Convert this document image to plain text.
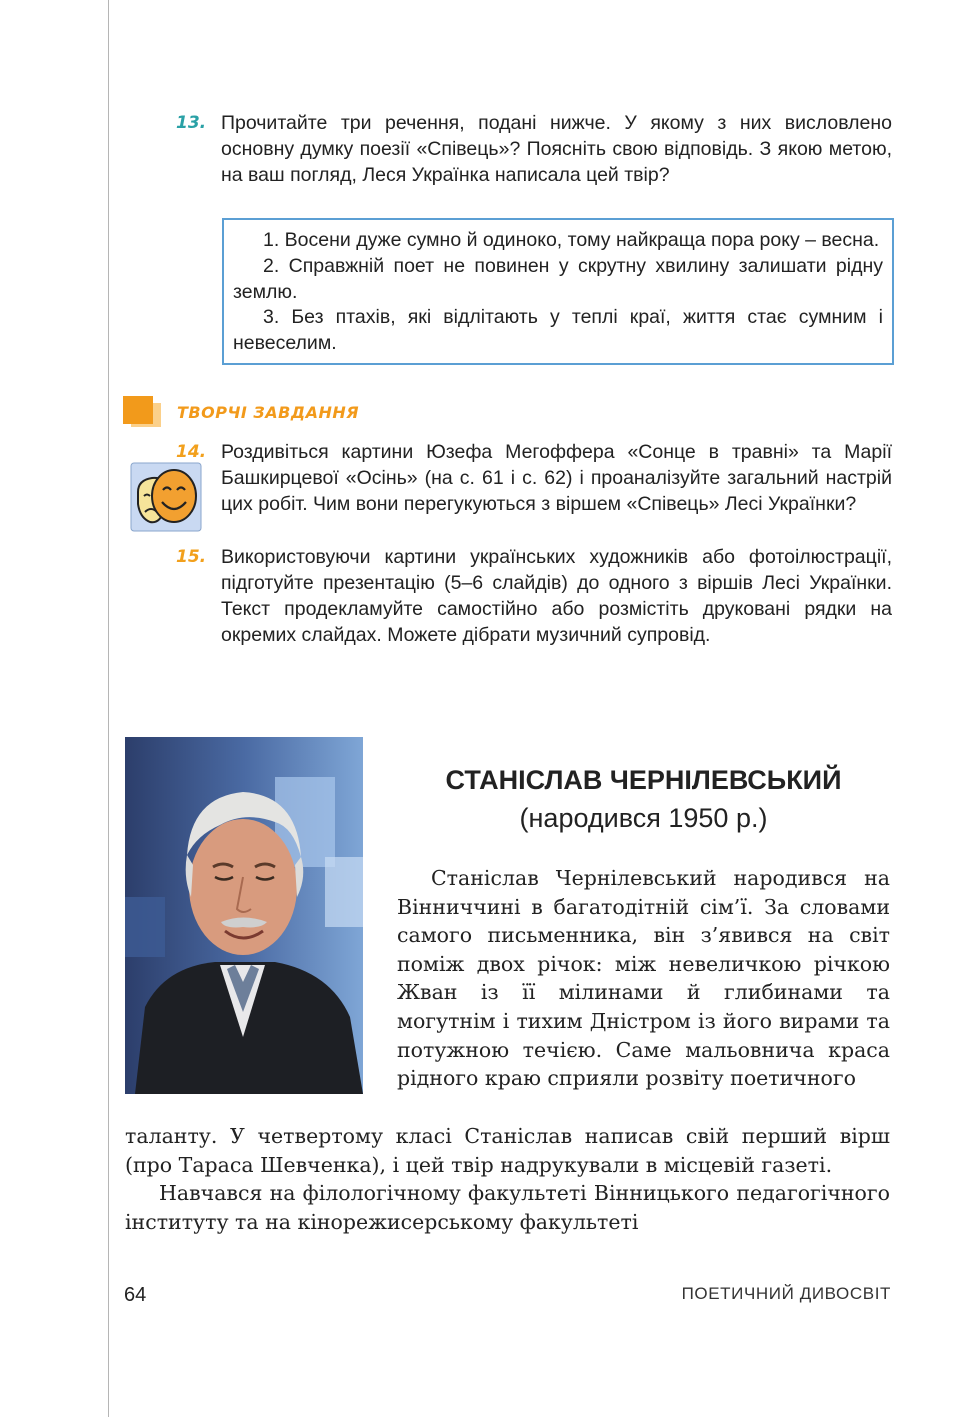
13. Прочитайте три речення, подані нижче. У якому з них висловлено основну думку поезії «Співець»? Поясніть свою відповідь. З якою метою, на ваш погляд, Леся Українка написала цей твір?

1. Восени дуже сумно й одиноко, тому найкраща пора року – весна.

2. Справжній поет не повинен у скрутну хвилину залишати рідну землю.

3. Без птахів, які відлітають у теплі краї, життя стає сумним і невеселим.

ТВОРЧІ ЗАВДАННЯ
14. Роздивіться картини Юзефа Мегоффера «Сонце в травні» та Марії Башкирцевої «Осінь» (на с. 61 і с. 62) і проаналізуйте загальний настрій цих робіт. Чим вони перегукуються з віршем «Співець» Лесі Українки?
15. Використовуючи картини українських художників або фотоілюстрації, підготуйте презентацію (5–6 слайдів) до одного з віршів Лесі Українки. Текст продекламуйте самостійно або розмістіть друковані рядки на окремих слайдах. Можете дібрати музичний супровід.
СТАНІСЛАВ ЧЕРНІЛЕВСЬКИЙ
(народився 1950 р.)

Станіслав Чернілевський народився на Вінниччині в багатодітній сім’ї. За словами самого письменника, він з’явився на світ поміж двох річок: між невеличкою річкою Жван із її мілинами й глибинами та могутнім і тихим Дністром із його вирами та потужною течією. Саме мальовнича краса рідного краю сприяли розвіту поетичного

таланту. У четвертому класі Станіслав написав свій перший вірш (про Тараса Шевченка), і цей твір надрукували в місцевій газеті.

Навчався на філологічному факультеті Вінницького педагогічного інституту та на кінорежисерському факультеті

64	ПОЕТИЧНИЙ ДИВОСВІТ
